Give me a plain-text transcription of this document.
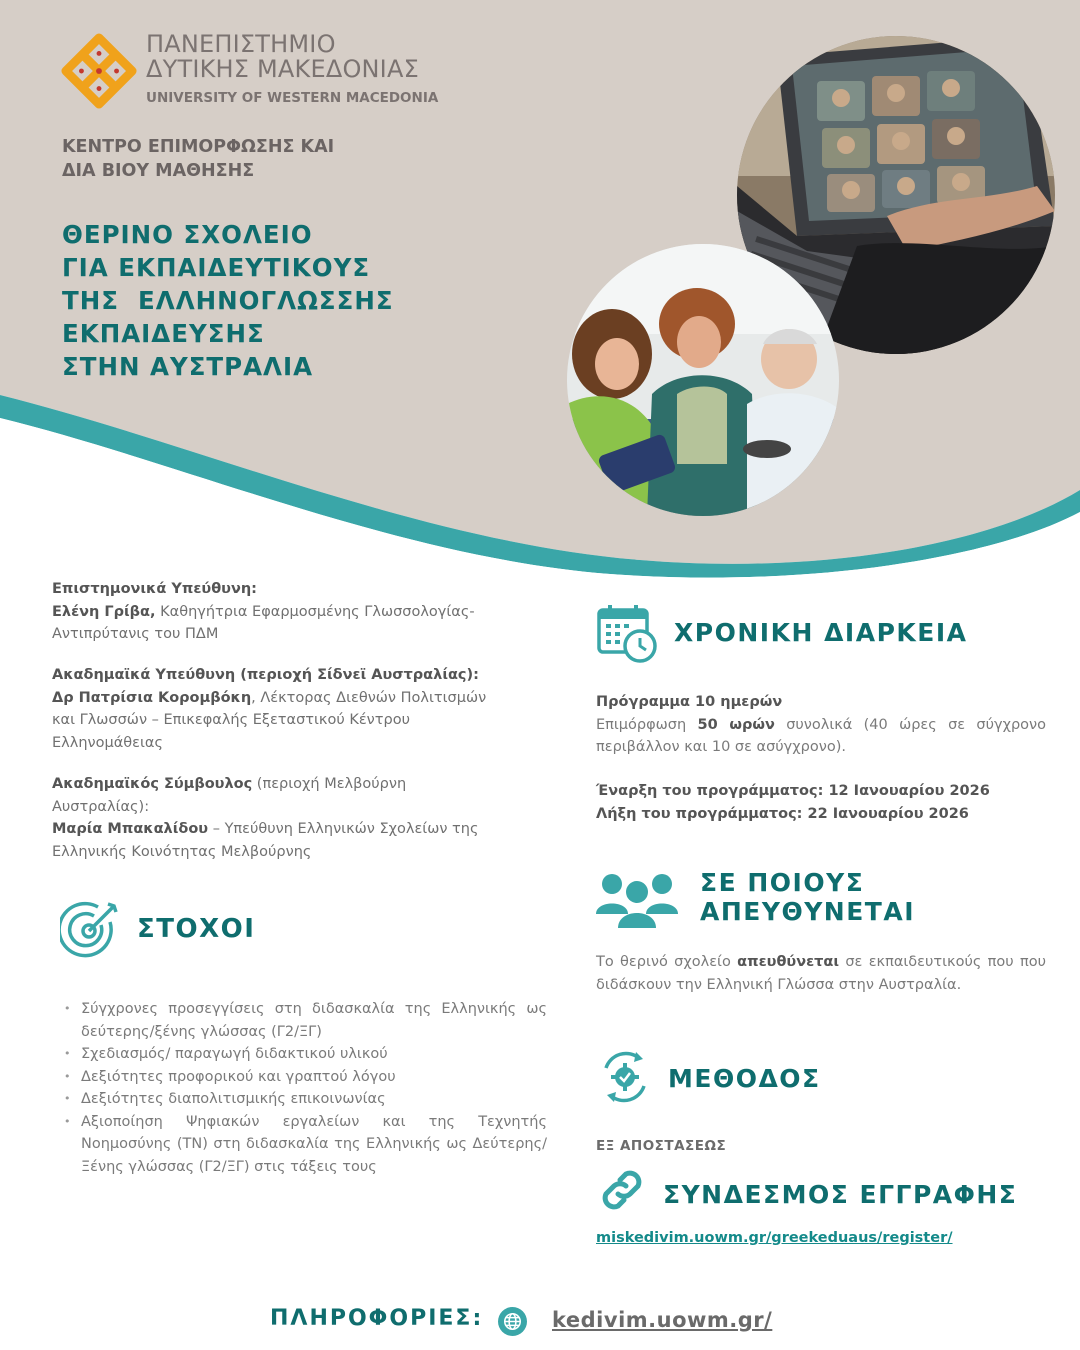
ΠΑΝΕΠΙΣΤΗΜΙΟ
ΔΥΤΙΚΗΣ ΜΑΚΕΔΟΝΙΑΣ
UNIVERSITY OF WESTERN MACEDONIA
ΚΕΝΤΡΟ ΕΠΙΜΟΡΦΩΣΗΣ ΚΑΙ
ΔΙΑ ΒΙΟΥ ΜΑΘΗΣΗΣ
ΘΕΡΙΝΟ ΣΧΟΛΕΙΟ
ΓΙΑ ΕΚΠΑΙΔΕΥΤΙΚΟΥΣ
ΤΗΣ  ΕΛΛΗΝΟΓΛΩΣΣΗΣ
ΕΚΠΑΙΔΕΥΣΗΣ
ΣΤΗΝ ΑΥΣΤΡΑΛΙΑ
Επιστημονικά Υπεύθυνη:
Ελένη Γρίβα, Καθηγήτρια Εφαρμοσμένης Γλωσσολογίας- Αντιπρύτανις του ΠΔΜ
Ακαδημαϊκά Υπεύθυνη (περιοχή Σίδνεϊ Αυστραλίας):
Δρ Πατρίσια Κορομβόκη, Λέκτορας Διεθνών Πολιτισμών και Γλωσσών – Επικεφαλής Εξεταστικού Κέντρου Ελληνομάθειας
Ακαδημαϊκός Σύμβουλος (περιοχή Μελβούρνη Αυστραλίας):
Μαρία Μπακαλίδου – Υπεύθυνη Ελληνικών Σχολείων της Ελληνικής Κοινότητας Μελβούρνης
ΣΤΟΧΟΙ
• Σύγχρονες προσεγγίσεις στη διδασκαλία της Ελληνικής ως δεύτερης/ξένης γλώσσας (Γ2/ΞΓ)
• Σχεδιασμός/ παραγωγή διδακτικού υλικού
• Δεξιότητες προφορικού και γραπτού λόγου
• Δεξιότητες διαπολιτισμικής επικοινωνίας
• Αξιοποίηση Ψηφιακών εργαλείων και της Τεχνητής Νοημοσύνης (ΤΝ) στη διδασκαλία της Ελληνικής ως Δεύτερης/Ξένης γλώσσας (Γ2/ΞΓ) στις τάξεις τους
ΧΡΟΝΙΚΗ ΔΙΑΡΚΕΙΑ
Πρόγραμμα 10 ημερών
Επιμόρφωση 50 ωρών συνολικά (40 ώρες σε σύγχρονο περιβάλλον και 10 σε ασύγχρονο).
Έναρξη του προγράμματος: 12 Ιανουαρίου 2026
Λήξη του προγράμματος: 22 Ιανουαρίου 2026
ΣΕ ΠΟΙΟΥΣ
ΑΠΕΥΘΥΝΕΤΑΙ
Το θερινό σχολείο απευθύνεται σε εκπαιδευτικούς που που διδάσκουν την Ελληνική Γλώσσα στην Αυστραλία.
ΜΕΘΟΔΟΣ
ΕΞ ΑΠΟΣΤΑΣΕΩΣ
ΣΥΝΔΕΣΜΟΣ ΕΓΓΡΑΦΗΣ
miskedivim.uowm.gr/greekeduaus/register/
ΠΛΗΡΟΦΟΡΙΕΣ:	kedivim.uowm.gr/
